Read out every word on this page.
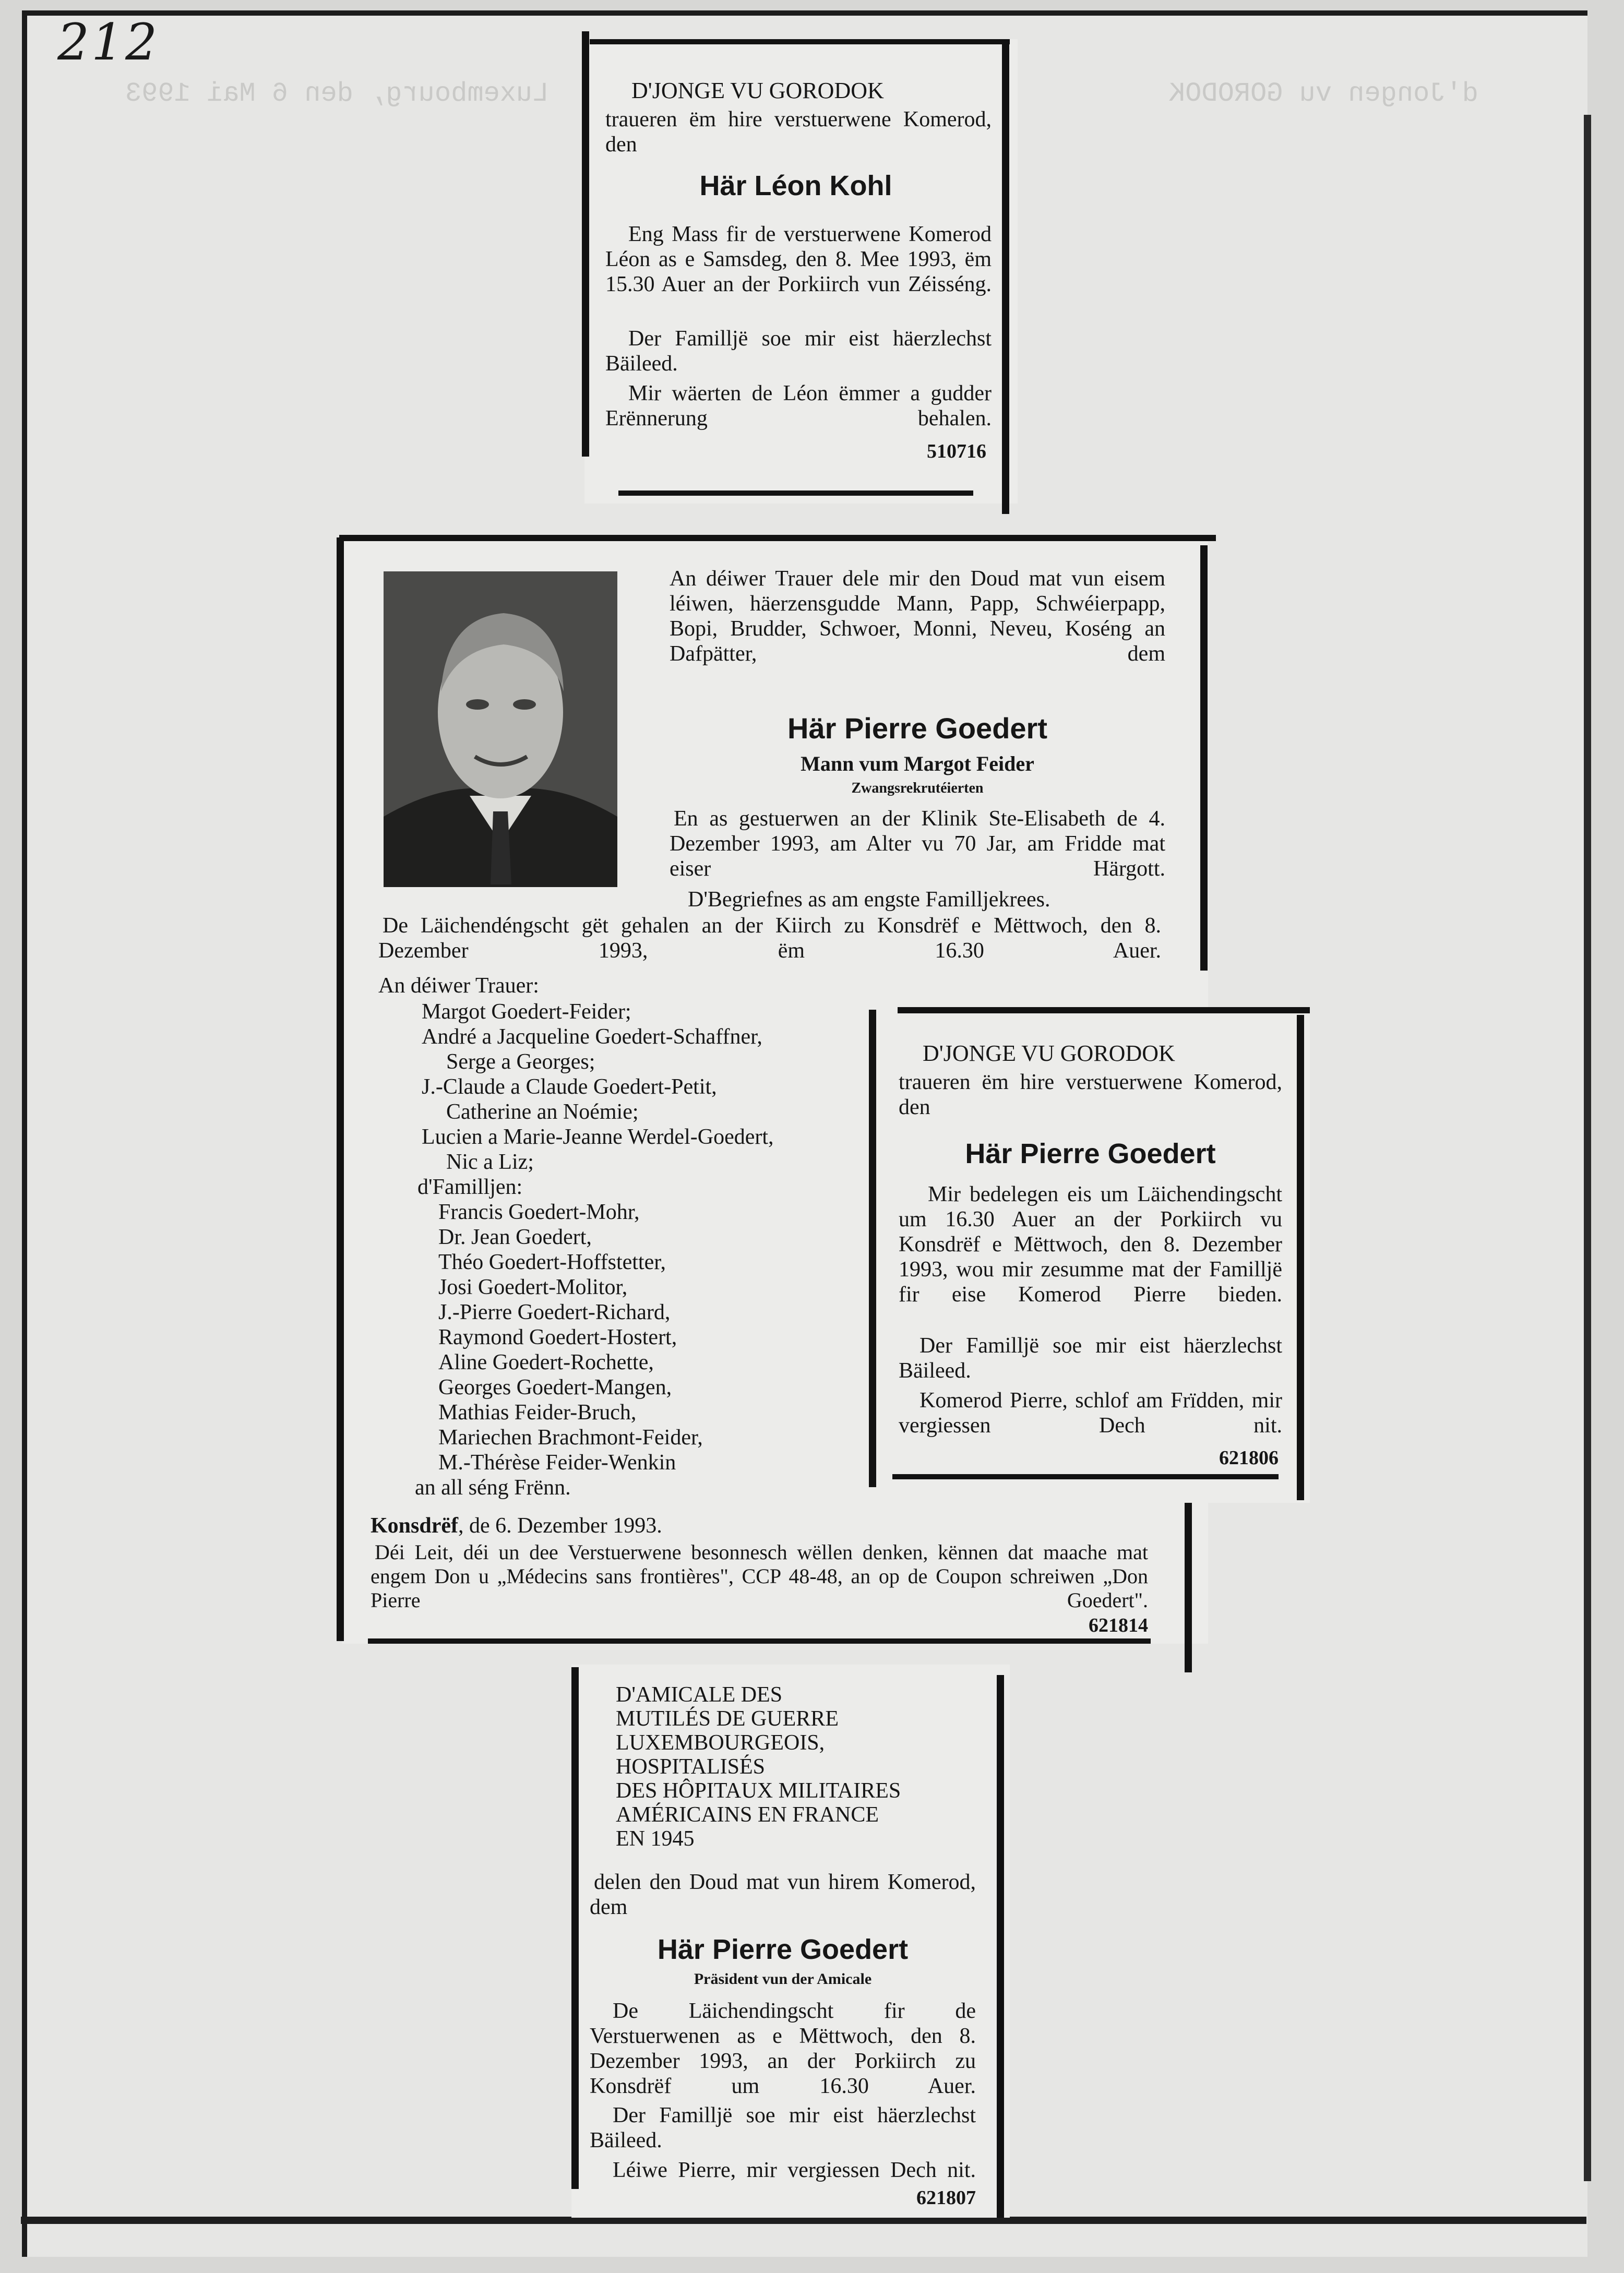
d'Jongen vu GORODOK
Luxembourg, den 6 Mai 1993
212
D'JONGE VU GORODOK
traueren ëm hire verstuerwene Komerod, den
Här Léon Kohl
Eng Mass fir de verstuerwene Komerod Léon as e Samsdeg, den 8. Mee 1993, ëm 15.30 Auer an der Porkiirch vun Zéisséng.
Der Familljë soe mir eist häerzlechst Bäileed.
Mir wäerten de Léon ëmmer a gudder Erënnerung behalen.
510716
An déiwer Trauer dele mir den Doud mat vun eisem léiwen, häerzensgudde Mann, Papp, Schwéierpapp, Bopi, Brudder, Schwoer, Monni, Neveu, Koséng an Dafpätter, dem
Här Pierre Goedert
Mann vum Margot Feider
Zwangsrekrutéierten
En as gestuerwen an der Klinik Ste-Elisabeth de 4. Dezember 1993, am Alter vu 70 Jar, am Fridde mat eiser Härgott.
D'Begriefnes as am engste Familljekrees.
De Läichendéngscht gët gehalen an der Kiirch zu Konsdrëf e Mëttwoch, den 8. Dezember 1993, ëm 16.30 Auer.
An déiwer Trauer:
Margot Goedert-Feider;
André a Jacqueline Goedert-Schaffner,
Serge a Georges;
J.-Claude a Claude Goedert-Petit,
Catherine an Noémie;
Lucien a Marie-Jeanne Werdel-Goedert,
Nic a Liz;
d'Familljen:
Francis Goedert-Mohr,
Dr. Jean Goedert,
Théo Goedert-Hoffstetter,
Josi Goedert-Molitor,
J.-Pierre Goedert-Richard,
Raymond Goedert-Hostert,
Aline Goedert-Rochette,
Georges Goedert-Mangen,
Mathias Feider-Bruch,
Mariechen Brachmont-Feider,
M.-Thérèse Feider-Wenkin
an all séng Frënn.
Konsdrëf, de 6. Dezember 1993.
Déi Leit, déi un dee Verstuerwene besonnesch wëllen denken, kënnen dat maache mat engem Don u „Médecins sans frontières", CCP 48-48, an op de Coupon schreiwen „Don Pierre Goedert".
621814
D'JONGE VU GORODOK
traueren ëm hire verstuerwene Komerod, den
Här Pierre Goedert
Mir bedelegen eis um Läichendingscht um 16.30 Auer an der Porkiirch vu Konsdrëf e Mëttwoch, den 8. Dezember 1993, wou mir zesumme mat der Familljë fir eise Komerod Pierre bieden.
Der Familljë soe mir eist häerzlechst Bäileed.
Komerod Pierre, schlof am Frïdden, mir vergiessen Dech nit.
621806
D'AMICALE DES
MUTILÉS DE GUERRE
LUXEMBOURGEOIS,
HOSPITALISÉS
DES HÔPITAUX MILITAIRES
AMÉRICAINS EN FRANCE
EN 1945
delen den Doud mat vun hirem Komerod, dem
Här Pierre Goedert
Präsident vun der Amicale
De Läichendingscht fir de Verstuerwenen as e Mëttwoch, den 8. Dezember 1993, an der Porkiirch zu Konsdrëf um 16.30 Auer.
Der Familljë soe mir eist häerzlechst Bäileed.
Léiwe Pierre, mir vergiessen Dech nit.
621807
